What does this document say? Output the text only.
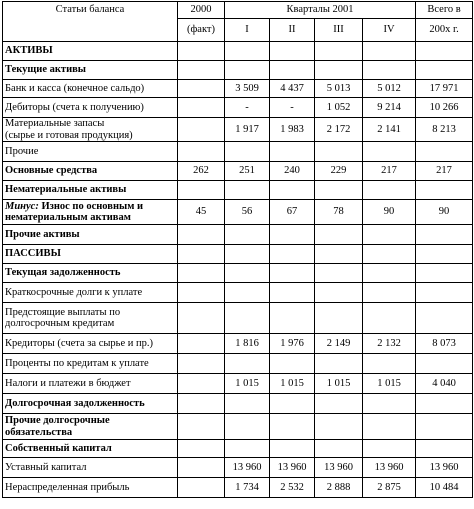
Статьи баланса	2000	Кварталы 2001				Всего в
	(факт)	I	II	III	IV	200х г.
АКТИВЫ						
Текущие активы						
Банк и касса (конечное сальдо)		3 509	4 437	5 013	5 012	17 971
Дебиторы (счета к получению)		-	-	1 052	9 214	10 266
Материальные запасы
(сырье и готовая продукция)		1 917	1 983	2 172	2 141	8 213
Прочие						
Основные средства	262	251	240	229	217	217
Нематериальные активы						
Минус: Износ по основным и
нематериальным активам	45	56	67	78	90	90
Прочие активы						
ПАССИВЫ						
Текущая задолженность						
Краткосрочные долги к уплате						
Предстоящие выплаты по
долгосрочным кредитам						
Кредиторы (счета за сырье и пр.)		1 816	1 976	2 149	2 132	8 073
Проценты по кредитам к уплате						
Налоги и платежи в бюджет		1 015	1 015	1 015	1 015	4 040
Долгосрочная задолженность						
Прочие долгосрочные
обязательства						
Собственный капитал						
Уставный капитал		13 960	13 960	13 960	13 960	13 960
Нераспределенная прибыль		1 734	2 532	2 888	2 875	10 484
